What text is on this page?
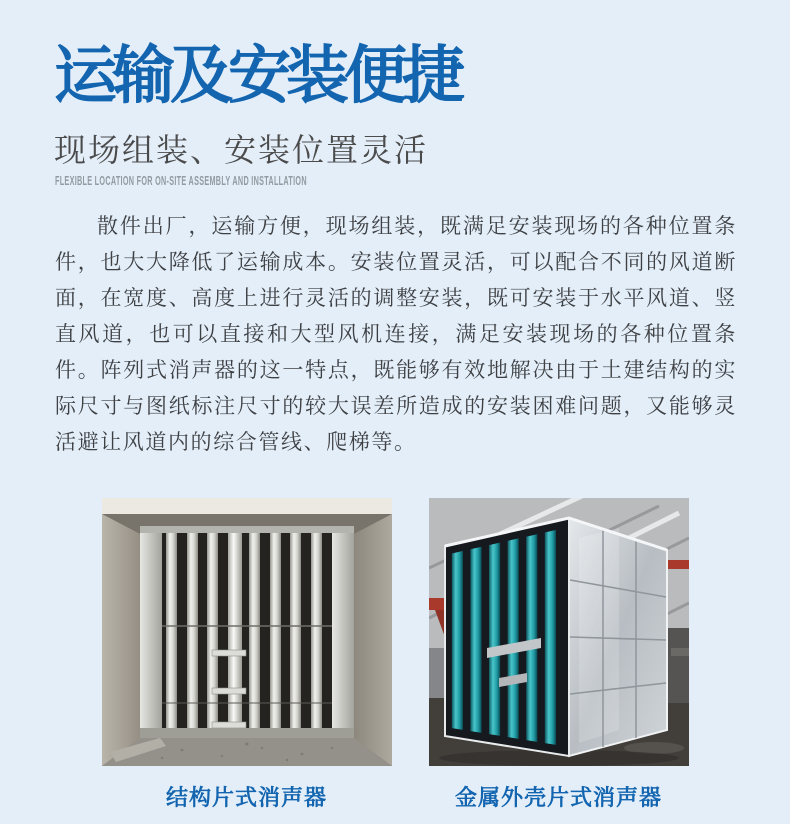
运输及安装便捷
现场组装、安装位置灵活
FLEXIBLE LOCATION FOR ON-SITE ASSEMBLY AND INSTALLATION

散件出厂，运输方便，现场组装，既满足安装现场的各种位置条件，也大大降低了运输成本。安装位置灵活，可以配合不同的风道断面，在宽度、高度上进行灵活的调整安装，既可安装于水平风道、竖直风道，也可以直接和大型风机连接，满足安装现场的各种位置条件。阵列式消声器的这一特点，既能够有效地解决由于土建结构的实际尺寸与图纸标注尺寸的较大误差所造成的安装困难问题，又能够灵活避让风道内的综合管线、爬梯等。

结构片式消声器	金属外壳片式消声器
